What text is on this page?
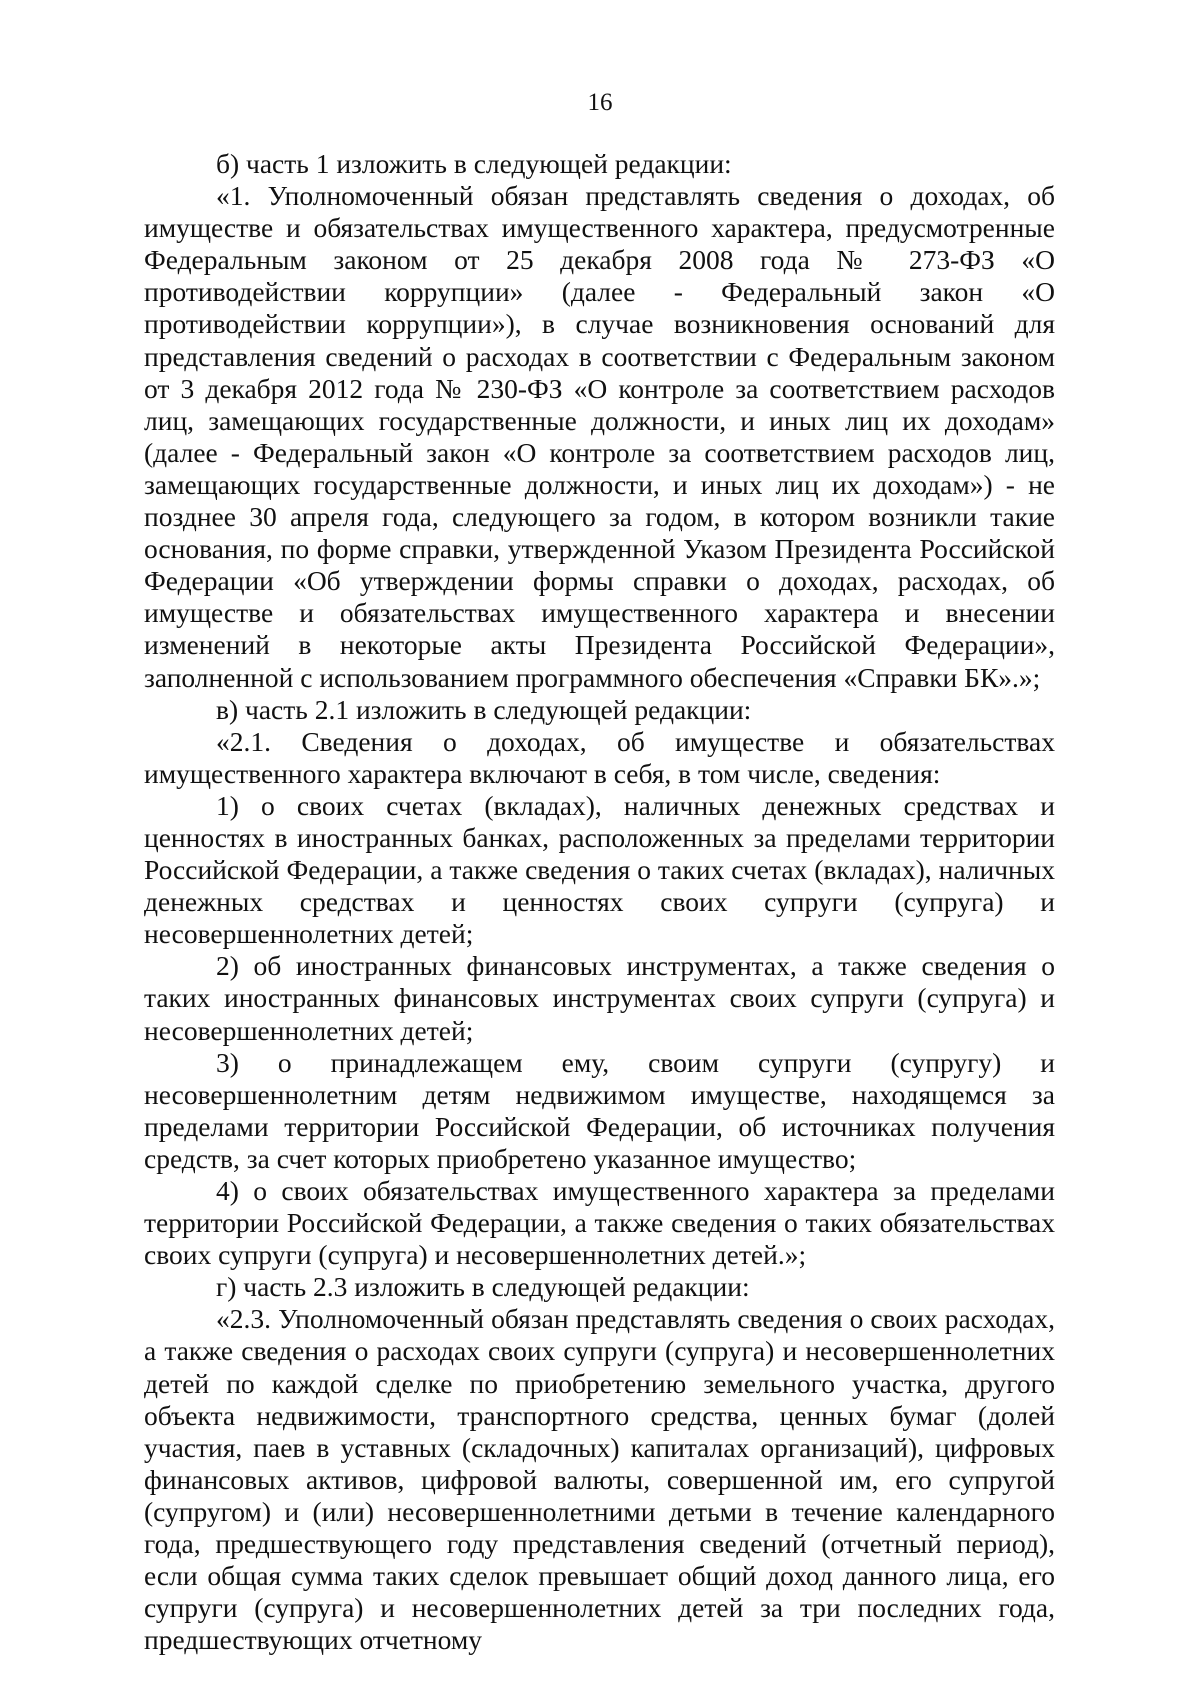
16

б) часть 1 изложить в следующей редакции:

«1. Уполномоченный обязан представлять сведения о доходах, об имуществе и обязательствах имущественного характера, предусмотренные Федеральным законом от 25 декабря 2008 года № 273-ФЗ «О противодействии коррупции» (далее - Федеральный закон «О противодействии коррупции»), в случае возникновения оснований для представления сведений о расходах в соответствии с Федеральным законом от 3 декабря 2012 года № 230-ФЗ «О контроле за соответствием расходов лиц, замещающих государственные должности, и иных лиц их доходам» (далее - Федеральный закон «О контроле за соответствием расходов лиц, замещающих государственные должности, и иных лиц их доходам») - не позднее 30 апреля года, следующего за годом, в котором возникли такие основания, по форме справки, утвержденной Указом Президента Российской Федерации «Об утверждении формы справки о доходах, расходах, об имуществе и обязательствах имущественного характера и внесении изменений в некоторые акты Президента Российской Федерации», заполненной с использованием программного обеспечения «Справки БК».»;

в) часть 2.1 изложить в следующей редакции:

«2.1. Сведения о доходах, об имуществе и обязательствах имущественного характера включают в себя, в том числе, сведения:

1) о своих счетах (вкладах), наличных денежных средствах и ценностях в иностранных банках, расположенных за пределами территории Российской Федерации, а также сведения о таких счетах (вкладах), наличных денежных средствах и ценностях своих супруги (супруга) и несовершеннолетних детей;

2) об иностранных финансовых инструментах, а также сведения о таких иностранных финансовых инструментах своих супруги (супруга) и несовершеннолетних детей;

3) о принадлежащем ему, своим супруги (супругу) и несовершеннолетним детям недвижимом имуществе, находящемся за пределами территории Российской Федерации, об источниках получения средств, за счет которых приобретено указанное имущество;

4) о своих обязательствах имущественного характера за пределами территории Российской Федерации, а также сведения о таких обязательствах своих супруги (супруга) и несовершеннолетних детей.»;

г) часть 2.3 изложить в следующей редакции:

«2.3. Уполномоченный обязан представлять сведения о своих расходах, а также сведения о расходах своих супруги (супруга) и несовершеннолетних детей по каждой сделке по приобретению земельного участка, другого объекта недвижимости, транспортного средства, ценных бумаг (долей участия, паев в уставных (складочных) капиталах организаций), цифровых финансовых активов, цифровой валюты, совершенной им, его супругой (супругом) и (или) несовершеннолетними детьми в течение календарного года, предшествующего году представления сведений (отчетный период), если общая сумма таких сделок превышает общий доход данного лица, его супруги (супруга) и несовершеннолетних детей за три последних года, предшествующих отчетному
